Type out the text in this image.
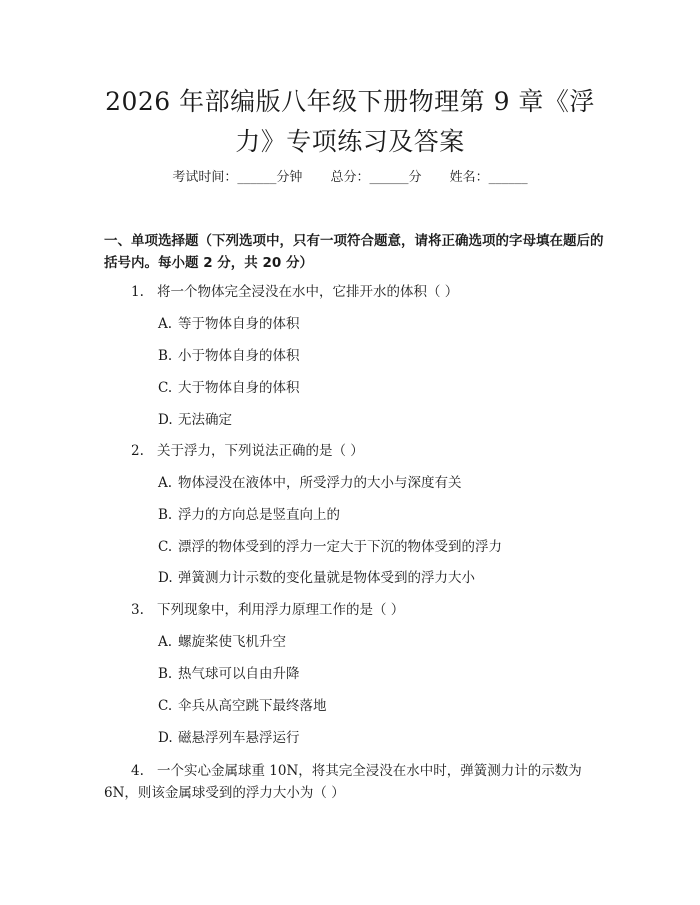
2026 年部编版八年级下册物理第 9 章《浮
力》专项练习及答案
考试时间：______分钟 总分：______分 姓名：______
一、单项选择题（下列选项中，只有一项符合题意，请将正确选项的字母填在题后的括号内。每小题 2 分，共 20 分）
1. 将一个物体完全浸没在水中，它排开水的体积（ ）
A. 等于物体自身的体积
B. 小于物体自身的体积
C. 大于物体自身的体积
D. 无法确定
2. 关于浮力，下列说法正确的是（ ）
A. 物体浸没在液体中，所受浮力的大小与深度有关
B. 浮力的方向总是竖直向上的
C. 漂浮的物体受到的浮力一定大于下沉的物体受到的浮力
D. 弹簧测力计示数的变化量就是物体受到的浮力大小
3. 下列现象中，利用浮力原理工作的是（ ）
A. 螺旋桨使飞机升空
B. 热气球可以自由升降
C. 伞兵从高空跳下最终落地
D. 磁悬浮列车悬浮运行
4. 一个实心金属球重 10N，将其完全浸没在水中时，弹簧测力计的示数为 6N，则该金属球受到的浮力大小为（ ）
